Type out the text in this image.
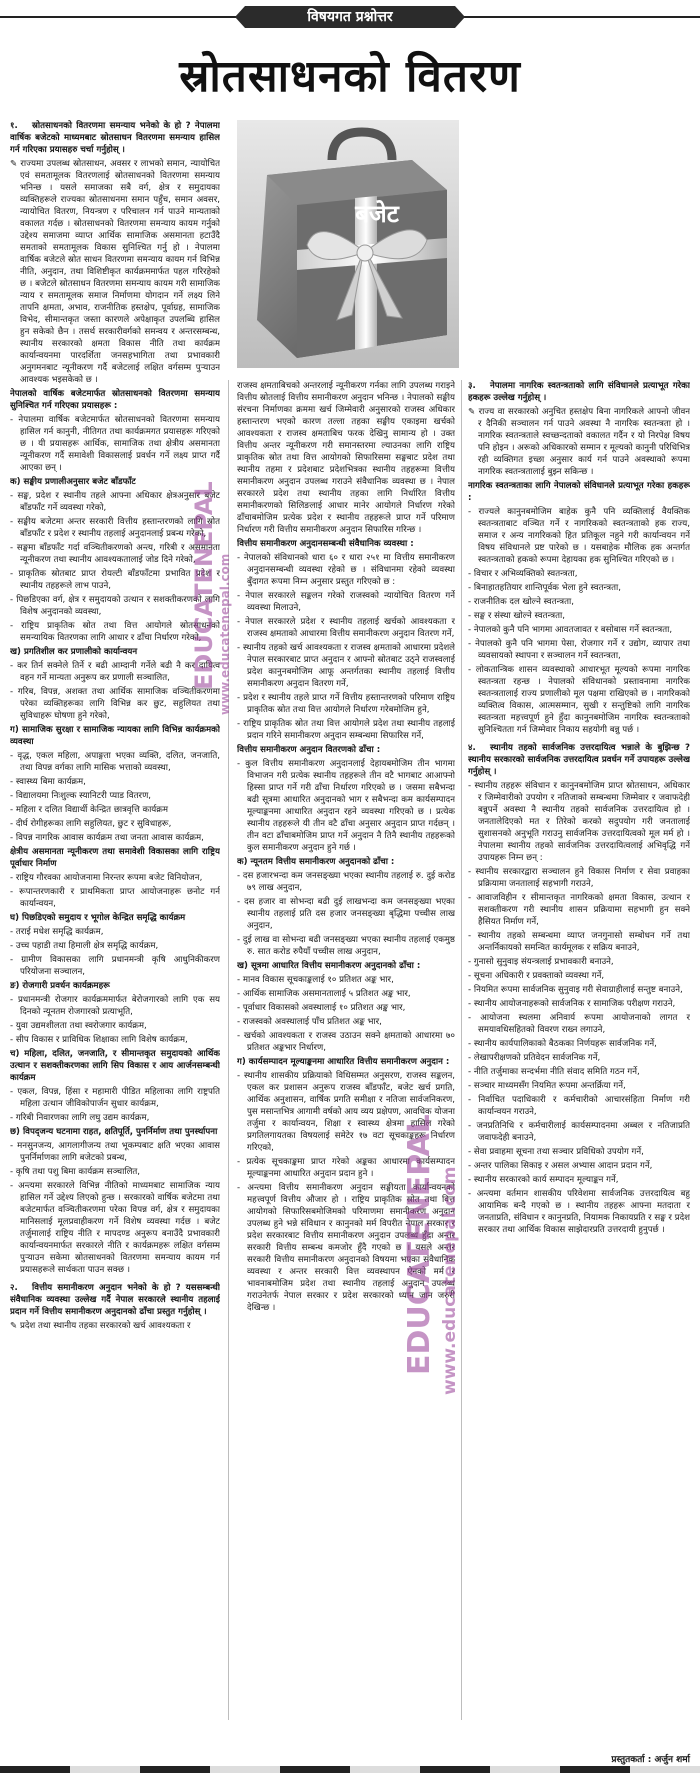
विषयगत प्रश्नोत्तर
स्रोतसाधनको वितरण

१. स्रोतसाधनको वितरणमा समन्याय भनेको के हो ? नेपालमा वार्षिक बजेटको माध्यमबाट स्रोतसाधन वितरणमा समन्याय हासिल गर्न गरिएका प्रयासहरु चर्चा गर्नुहोस् ।

✎ राज्यमा उपलब्ध स्रोतसाधन, अवसर र लाभको समान, न्यायोचित एवं समतामूलक वितरणलाई स्रोतसाधनको वितरणमा समन्याय भनिन्छ । यसले समाजका सबै वर्ग, क्षेत्र र समुदायका व्यक्तिहरूले राज्यका स्रोतसाधनमा समान पहुँच, समान अवसर, न्यायोचित वितरण, नियन्त्रण र परिचालन गर्न पाउने मान्यताको वकालत गर्दछ । स्रोतसाधनको वितरणमा समन्याय कायम गर्नुको उद्देश्य समाजमा व्याप्त आर्थिक सामाजिक असमानता हटाउँदै समताको समतामूलक विकास सुनिश्चित गर्नु हो । नेपालमा वार्षिक बजेटले स्रोत साधन वितरणमा समन्याय कायम गर्न विभिन्न नीति, अनुदान, तथा विशिष्टीकृत कार्यक्रममार्फत पहल गरिरहेको छ । बजेटले स्रोतसाधन वितरणमा समन्याय कायम गरी सामाजिक न्याय र समतामूलक समाज निर्माणमा योगदान गर्ने लक्ष्य लिने तापनि क्षमता, अभाव, राजनीतिक हस्तक्षेप, पूर्वाग्रह, सामाजिक विभेद, सीमान्तकृत जस्ता कारणले अपेक्षाकृत उपलब्धि हासिल हुन सकेको छैन । तसर्थ सरकारीवर्गको समन्वय र अन्तरसम्बन्ध, स्थानीय सरकारको क्षमता विकास नीति तथा कार्यक्रम कार्यान्वयनमा पारदर्शिता जनसहभागिता तथा प्रभावकारी अनुगमनबाट न्यूनीकरण गर्दै बजेटलाई लक्षित वर्गसम्म पुऱ्याउन आवश्यक भइसकेको छ ।

नेपालको वार्षिक बजेटमार्फत स्रोतसाधनको वितरणमा समन्याय सुनिश्चित गर्न गरिएका प्रयासहरू :

- नेपालमा वार्षिक बजेटमार्फत स्रोतसाधनको वितरणमा समन्याय हासिल गर्न कानुनी, नीतिगत तथा कार्यक्रमगत प्रयासहरू गरिएको छ । यी प्रयासहरू आर्थिक, सामाजिक तथा क्षेत्रीय असमानता न्यूनीकरण गर्दै समावेशी विकासलाई प्रवर्धन गर्ने लक्ष्य प्राप्त गर्दै आएका छन् ।

क) सङ्घीय प्रणालीअनुसार बजेट बाँडफाँट

- सङ्घ, प्रदेश र स्थानीय तहले आफ्ना अधिकार क्षेत्रअनुसार बजेट बाँडफाँट गर्ने व्यवस्था गरेको,

- सङ्घीय बजेटमा अन्तर सरकारी वित्तीय हस्तान्तरणको लागि स्रोत बाँडफाँट र प्रदेश र स्थानीय तहलाई अनुदानलाई प्रबन्ध गरेको,

- सङ्घमा बाँडफाँट गर्दा वञ्चितीकरणको अन्त्य, गरिबी र असमानता न्यूनीकरण तथा स्थानीय आवश्यकतालाई जोड दिने गरेको,

- प्राकृतिक स्रोतबाट प्राप्त रोयल्टी बाँडफाँटमा प्रभावित प्रदेश र स्थानीय तहहरूले लाभ पाउने,

- पिछडिएका वर्ग, क्षेत्र र समुदायको उत्थान र सशक्तीकरणको लागि विशेष अनुदानको व्यवस्था,

- राष्ट्रिय प्राकृतिक स्रोत तथा वित्त आयोगले स्रोतसाधनको समन्यायिक वितरणका लागि आधार र ढाँचा निर्धारण गरेको,

ख) प्रगतिशील कर प्रणालीको कार्यान्वयन

- कर तिर्न सक्नेले तिर्ने र बढी आम्दानी गर्नेले बढी नै कर दायित्व वहन गर्ने मान्यता अनुरूप कर प्रणाली सञ्चालित,

- गरिब, विपन्न, अशक्त तथा आर्थिक सामाजिक वञ्चितीकरणमा परेका व्यक्तिहरूका लागि विभिन्न कर छुट, सहुलियत तथा सुविधाहरू घोषणा हुने गरेको,

ग) सामाजिक सुरक्षा र सामाजिक न्यायका लागि विभिन्न कार्यक्रमको व्यवस्था

- वृद्ध, एकल महिला, अपाङ्गता भएका व्यक्ति, दलित, जनजाति, तथा विपन्न वर्गका लागि मासिक भत्ताको व्यवस्था,

- स्वास्थ्य बिमा कार्यक्रम,

- विद्यालयमा निःशुल्क स्यानिटरी प्याड वितरण,

- महिला र दलित विद्यार्थी केन्द्रित छात्रवृत्ति कार्यक्रम

- दीर्घ रोगीहरूका लागि सहुलियत, छुट र सुविधाहरू,

- विपन्न नागरिक आवास कार्यक्रम तथा जनता आवास कार्यक्रम,

क्षेत्रीय असमानता न्यूनीकरण तथा समावेशी विकासका लागि राष्ट्रिय पूर्वाधार निर्माण

- राष्ट्रिय गौरवका आयोजनामा निरन्तर रूपमा बजेट विनियोजन,

- रूपान्तरणकारी र प्राथमिकता प्राप्त आयोजनाहरू छनोट गर्न कार्यान्वयन,

घ) पिछडिएको समुदाय र भूगोल केन्द्रित समृद्धि कार्यक्रम

- तराई मधेश समृद्धि कार्यक्रम,

- उच्च पहाडी तथा हिमाली क्षेत्र समृद्धि कार्यक्रम,

- ग्रामीण विकासका लागि प्रधानमन्त्री कृषि आधुनिकीकरण परियोजना सञ्चालन,

ङ) रोजगारी प्रवर्धन कार्यक्रमहरू

- प्रधानमन्त्री रोजगार कार्यक्रममार्फत बेरोजगारको लागि एक सय दिनको न्यूनतम रोजगारको प्रत्याभूति,

- युवा उद्यमशीलता तथा स्वरोजगार कार्यक्रम,

- सीप विकास र प्राविधिक शिक्षाका लागि विशेष कार्यक्रम,

च) महिला, दलित, जनजाति, र सीमान्तकृत समुदायको आर्थिक उत्थान र सशक्तीकरणका लागि सिप विकास र आय आर्जनसम्बन्धी कार्यक्रम

- एकल, विपन्न, हिंसा र महामारी पीडित महिलाका लागि राष्ट्रपति महिला उत्थान जीविकोपार्जन सुधार कार्यक्रम,

- गरिबी निवारणका लागि लघु उद्यम कार्यक्रम,

छ) विपद्जन्य घटनामा राहत, क्षतिपूर्ति, पुनर्निर्माण तथा पुनर्स्थापना

- मनसुनजन्य, आगलागीजन्य तथा भूकम्पबाट क्षति भएका आवास पुनर्निर्माणका लागि बजेटको प्रबन्ध,

- कृषि तथा पशु बिमा कार्यक्रम सञ्चालित,

- अन्त्यमा सरकारले विभिन्न नीतिको माध्यमबाट सामाजिक न्याय हासिल गर्ने उद्देश्य लिएको हुन्छ । सरकारको वार्षिक बजेटमा तथा बजेटमार्फत वञ्चितीकरणमा परेका विपन्न वर्ग, क्षेत्र र समुदायका मानिसलाई मूलप्रवाहीकरण गर्ने विशेष व्यवस्था गर्दछ । बजेट तर्जुमालाई राष्ट्रिय नीति र मापदण्ड अनुरूप बनाउँदै प्रभावकारी कार्यान्वयनमार्फत सरकारले नीति र कार्यक्रमहरू लक्षित वर्गसम्म पुऱ्याउन सकेमा स्रोतसाधनको वितरणमा समन्याय कायम गर्न प्रयासहरूले सार्थकता पाउन सक्छ ।

२. वित्तीय समानीकरण अनुदान भनेको के हो ? यससम्बन्धी संवैधानिक व्यवस्था उल्लेख गर्दै नेपाल सरकारले स्थानीय तहलाई प्रदान गर्ने वित्तीय समानीकरण अनुदानको ढाँचा प्रस्तुत गर्नुहोस् ।

✎ प्रदेश तथा स्थानीय तहका सरकारको खर्च आवश्यकता र

बजेट

राजस्व क्षमताबिचको अन्तरलाई न्यूनीकरण गर्नका लागि उपलब्ध गराइने वित्तीय स्रोतलाई वित्तीय समानीकरण अनुदान भनिन्छ । नेपालको सङ्घीय संरचना निर्माणका क्रममा खर्च जिम्मेवारी अनुसारको राजस्व अधिकार हस्तान्तरण भएको कारण तल्ला तहका सङ्घीय एकाइमा खर्चको आवश्यकता र राजस्व क्षमताबिच फरक देखिनु सामान्य हो । उक्त वित्तीय अन्तर न्यूनीकरण गरी समानस्तरमा ल्याउनका लागि राष्ट्रिय प्राकृतिक स्रोत तथा वित्त आयोगको सिफारिसमा सङ्घबाट प्रदेश तथा स्थानीय तहमा र प्रदेशबाट प्रदेशभित्रका स्थानीय तहहरूमा वित्तीय समानीकरण अनुदान उपलब्ध गराउने संवैधानिक व्यवस्था छ । नेपाल सरकारले प्रदेश तथा स्थानीय तहका लागि निर्धारित वित्तीय समानीकरणको सिलिङलाई आधार मानेर आयोगले निर्धारण गरेको ढाँचाबमोजिम प्रत्येक प्रदेश र स्थानीय तहहरूले प्राप्त गर्ने परिमाण निर्धारण गरी वित्तीय समानीकरण अनुदान सिफारिस गरिन्छ ।

वित्तीय समानीकरण अनुदानसम्बन्धी संवैधानिक व्यवस्था :

- नेपालको संविधानको धारा ६० र धारा २५१ मा वित्तीय समानीकरण अनुदानसम्बन्धी व्यवस्था रहेको छ । संविधानमा रहेको व्यवस्था बुँदागत रूपमा निम्न अनुसार प्रस्तुत गरिएको छ :

- नेपाल सरकारले सङ्कलन गरेको राजस्वको न्यायोचित वितरण गर्ने व्यवस्था मिलाउने,

- नेपाल सरकारले प्रदेश र स्थानीय तहलाई खर्चको आवश्यकता र राजस्व क्षमताको आधारमा वित्तीय समानीकरण अनुदान वितरण गर्ने,

- स्थानीय तहको खर्च आवश्यकता र राजस्व क्षमताको आधारमा प्रदेशले नेपाल सरकारबाट प्राप्त अनुदान र आफ्नो स्रोतबाट उठ्ने राजस्वलाई प्रदेश कानुनबमोजिम आफू अन्तर्गतका स्थानीय तहलाई वित्तीय समानीकरण अनुदान वितरण गर्ने,

- प्रदेश र स्थानीय तहले प्राप्त गर्ने वित्तीय हस्तान्तरणको परिमाण राष्ट्रिय प्राकृतिक स्रोत तथा वित्त आयोगले निर्धारण गरेबमोजिम हुने,

- राष्ट्रिय प्राकृतिक स्रोत तथा वित्त आयोगले प्रदेश तथा स्थानीय तहलाई प्रदान गरिने समानीकरण अनुदान सम्बन्धमा सिफारिस गर्ने,

वित्तीय समानीकरण अनुदान वितरणको ढाँचा :

- कुल वित्तीय समानीकरण अनुदानलाई देहायबमोजिम तीन भागमा विभाजन गरी प्रत्येक स्थानीय तहहरूले तीन वटै भागबाट आआफ्नो हिस्सा प्राप्त गर्ने गरी ढाँचा निर्धारण गरिएको छ । जसमा सबैभन्दा बढी सूत्रमा आधारित अनुदानको भाग र सबैभन्दा कम कार्यसम्पादन मूल्याङ्कनमा आधारित अनुदान रहने व्यवस्था गरिएको छ । प्रत्येक स्थानीय तहहरूले यी तीन वटै ढाँचा अनुसार अनुदान प्राप्त गर्दछन् । तीन वटा ढाँचाबमोजिम प्राप्त गर्ने अनुदान नै तिनै स्थानीय तहहरूको कुल समानीकरण अनुदान हुने गर्छ ।

क) न्यूनतम वित्तीय समानीकरण अनुदानको ढाँचा :

- दस हजारभन्दा कम जनसङ्ख्या भएका स्थानीय तहलाई रु. दुई करोड ७९ लाख अनुदान,

- दस हजार वा सोभन्दा बढी दुई लाखभन्दा कम जनसङ्ख्या भएका स्थानीय तहलाई प्रति दस हजार जनसङ्ख्या बृद्धिमा पच्चीस लाख अनुदान,

- दुई लाख वा सोभन्दा बढी जनसङ्ख्या भएका स्थानीय तहलाई एकमुष्ठ रु. सात करोड रुपैयाँ पच्चीस लाख अनुदान,

ख) सूत्रमा आधारित वित्तीय समानीकरण अनुदानको ढाँचा :

- मानव विकास सूचकाङ्कलाई १० प्रतिशत अङ्क भार,

- आर्थिक सामाजिक असमानतालाई ५ प्रतिशत अङ्क भार,

- पूर्वाधार विकासको अवस्थालाई १० प्रतिशत अङ्क भार,

- राजस्वको अवस्थालाई पाँच प्रतिशत अङ्क भार,

- खर्चको आवश्यकता र राजस्व उठाउन सक्ने क्षमताको आधारमा ७० प्रतिशत अङ्कभार निर्धारण,

ग) कार्यसम्पादन मूल्याङ्कनमा आधारित वित्तीय समानीकरण अनुदान :

- स्थानीय शासकीय प्रक्रियाको विधिसम्मत अनुसरण, राजस्व सङ्कलन, एकल कर प्रशासन अनुरूप राजस्व बाँडफाँट, बजेट खर्च प्रगति, आर्थिक अनुशासन, वार्षिक प्रगति समीक्षा र नतिजा सार्वजनिकरण, पुस मसान्तभित्र आगामी वर्षको आय व्यय प्रक्षेपण, आवधिक योजना तर्जुमा र कार्यान्वयन, शिक्षा र स्वास्थ्य क्षेत्रमा हासिल गरेको प्रगतिलगायतका विषयलाई समेटेर १७ वटा सूचकाङ्कहरू निर्धारण गरिएको,

- प्रत्येक सूचकाङ्कमा प्राप्त गरेको अङ्कका आधारमा कार्यसम्पादन मूल्याङ्कनमा आधारित अनुदान प्रदान हुने ।

- अन्त्यमा वित्तीय समानीकरण अनुदान सङ्घीयता कार्यान्वयनको महत्त्वपूर्ण वित्तीय औजार हो । राष्ट्रिय प्राकृतिक स्रोत तथा वित्त आयोगको सिफारिसबमोजिमको परिमाणमा समानीकरण अनुदान उपलब्ध हुने भन्ने संविधान र कानुनको मर्म विपरीत नेपाल सरकार र प्रदेश सरकारबाट वित्तीय समानीकरण अनुदान उपलब्ध हुँदा अन्तर सरकारी वित्तीय सम्बन्ध कमजोर हुँदै गएको छ । यसले अन्तर सरकारी वित्तीय समानीकरण अनुदानको विषयमा भएका संवैधानिक व्यवस्था र अन्तर सरकारी वित्त व्यवस्थापन ऐनको मर्म र भावनाबमोजिम प्रदेश तथा स्थानीय तहलाई अनुदान उपलब्ध गराउनेतर्फ नेपाल सरकार र प्रदेश सरकारको ध्यान जान जरुरी देखिन्छ ।

३. नेपालमा नागरिक स्वतन्त्रताको लागि संविधानले प्रत्याभूत गरेका हकहरू उल्लेख गर्नुहोस् ।

✎ राज्य वा सरकारको अनुचित हस्तक्षेप बिना नागरिकले आफ्नो जीवन र दैनिकी सञ्चालन गर्न पाउने अवस्था नै नागरिक स्वतन्त्रता हो । नागरिक स्वतन्त्रताले स्वच्छन्दताको वकालत गर्दैन र यो निरपेक्ष विषय पनि होइन । अरूको अधिकारको सम्मान र मूल्यको कानुनी परिधिभित्र रही व्यक्तिगत इच्छा अनुसार कार्य गर्न पाउने अवस्थाको रूपमा नागरिक स्वतन्त्रतालाई बुझ्न सकिन्छ ।

नागरिक स्वतन्त्रताका लागि नेपालको संविधानले प्रत्याभूत गरेका हकहरू :

- राज्यले कानुनबमोजिम बाहेक कुनै पनि व्यक्तिलाई वैयक्तिक स्वतन्त्रताबाट वञ्चित गर्ने र नागरिकको स्वतन्त्रताको हक राज्य, समाज र अन्य नागरिकको हित प्रतिकूल नहुने गरी कार्यान्वयन गर्ने विषय संविधानले प्रष्ट पारेको छ । यसबाहेक मौलिक हक अन्तर्गत स्वतन्त्रताको हकको रूपमा देहायका हक सुनिश्चित गरिएको छ ।

- विचार र अभिव्यक्तिको स्वतन्त्रता,

- बिनाहातहतियार शान्तिपूर्वक भेला हुने स्वतन्त्रता,

- राजनीतिक दल खोल्ने स्वतन्त्रता,

- सङ्घ र संस्था खोल्ने स्वतन्त्रता,

- नेपालको कुनै पनि भागमा आवतजावत र बसोबास गर्ने स्वतन्त्रता,

- नेपालको कुनै पनि भागमा पेसा, रोजगार गर्ने र उद्योग, व्यापार तथा व्यवसायको स्थापना र सञ्चालन गर्ने स्वतन्त्रता,

- लोकतान्त्रिक शासन व्यवस्थाको आधारभूत मूल्यको रूपमा नागरिक स्वतन्त्रता रहन्छ । नेपालको संविधानको प्रस्तावनामा नागरिक स्वतन्त्रतालाई राज्य प्रणालीको मूल पक्षमा राखिएको छ । नागरिकको व्यक्तित्व विकास, आत्मसम्मान, सुखी र सन्तुष्टिको लागि नागरिक स्वतन्त्रता महत्त्वपूर्ण हुने हुँदा कानुनबमोजिम नागरिक स्वतन्त्रताको सुनिश्चितता गर्न जिम्मेवार निकाय सहयोगी बन्नु पर्छ ।

४. स्थानीय तहको सार्वजनिक उत्तरदायित्व भन्नाले के बुझिन्छ ? स्थानीय सरकारको सार्वजनिक उत्तरदायित्व प्रवर्धन गर्ने उपायहरू उल्लेख गर्नुहोस् ।

- स्थानीय तहहरू संविधान र कानुनबमोजिम प्राप्त स्रोतसाधन, अधिकार र जिम्मेवारीको उपयोग र नतिजाको सम्बन्धमा जिम्मेवार र जवाफदेही बन्नुपर्ने अवस्था नै स्थानीय तहको सार्वजनिक उत्तरदायित्व हो । जनतालेदिएको मत र तिरेको करको सदुपयोग गरी जनतालाई सुशासनको अनुभूति गराउनु सार्वजनिक उत्तरदायित्वको मूल मर्म हो । नेपालमा स्थानीय तहको सार्वजनिक उत्तरदायित्वलाई अभिवृद्धि गर्ने उपायहरू निम्न छन् :

- स्थानीय सरकारद्वारा सञ्चालन हुने विकास निर्माण र सेवा प्रवाहका प्रक्रियामा जनतालाई सहभागी गराउने,

- आवाजविहीन र सीमान्तकृत नागरिकको क्षमता विकास, उत्थान र सशक्तीकरण गरी स्थानीय शासन प्रक्रियामा सहभागी हुन सक्ने हैसियत निर्माण गर्ने,

- स्थानीय तहको सम्बन्धमा व्याप्त जनगुनासो सम्बोधन गर्ने तथा अन्तर्निकायको समन्वित कार्यमूलक र सक्रिय बनाउने,

- गुनासो सुनुवाइ संयन्त्रलाई प्रभावकारी बनाउने,

- सूचना अधिकारी र प्रवक्ताको व्यवस्था गर्ने,

- नियमित रूपमा सार्वजनिक सुनुवाइ गरी सेवाग्राहीलाई सन्तुष्ट बनाउने,

- स्थानीय आयोजनाहरूको सार्वजनिक र सामाजिक परीक्षण गराउने,

- आयोजना स्थलमा अनिवार्य रूपमा आयोजनाको लागत र समयावधिसहितको विवरण राख्न लगाउने,

- स्थानीय कार्यपालिकाको बैठकका निर्णयहरू सार्वजनिक गर्ने,

- लेखापरीक्षणको प्रतिवेदन सार्वजनिक गर्ने,

- नीति तर्जुमाका सन्दर्भमा नीति संवाद समिति गठन गर्ने,

- सञ्चार माध्यमसँग नियमित रूपमा अन्तर्क्रिया गर्ने,

- निर्वाचित पदाधिकारी र कर्मचारीको आचारसंहिता निर्माण गरी कार्यान्वयन गराउने,

- जनप्रतिनिधि र कर्मचारीलाई कार्यसम्पादनमा अब्बल र नतिजाप्रति जवाफदेही बनाउने,

- सेवा प्रवाहमा सूचना तथा सञ्चार प्रविधिको उपयोग गर्ने,

- अन्तर पालिका सिकाइ र असल अभ्यास आदान प्रदान गर्ने,

- स्थानीय सरकारको कार्य सम्पादन मूल्याङ्कन गर्ने,

- अन्त्यमा वर्तमान शासकीय परिवेशमा सार्वजनिक उत्तरदायित्व बहु आयामिक बन्दै गएको छ । स्थानीय तहहरू आफ्ना मतदाता र जनताप्रति, संविधान र कानुनप्रति, नियामक निकायप्रति र सङ्घ र प्रदेश सरकार तथा आर्थिक विकास साझेदारप्रति उत्तरदायी हुनुपर्छ ।

प्रस्तुतकर्ता : अर्जुन शर्मा
EDUCATENEPAL www.educatenepal.com
EDUCATENEPAL www.educatenepal.com
